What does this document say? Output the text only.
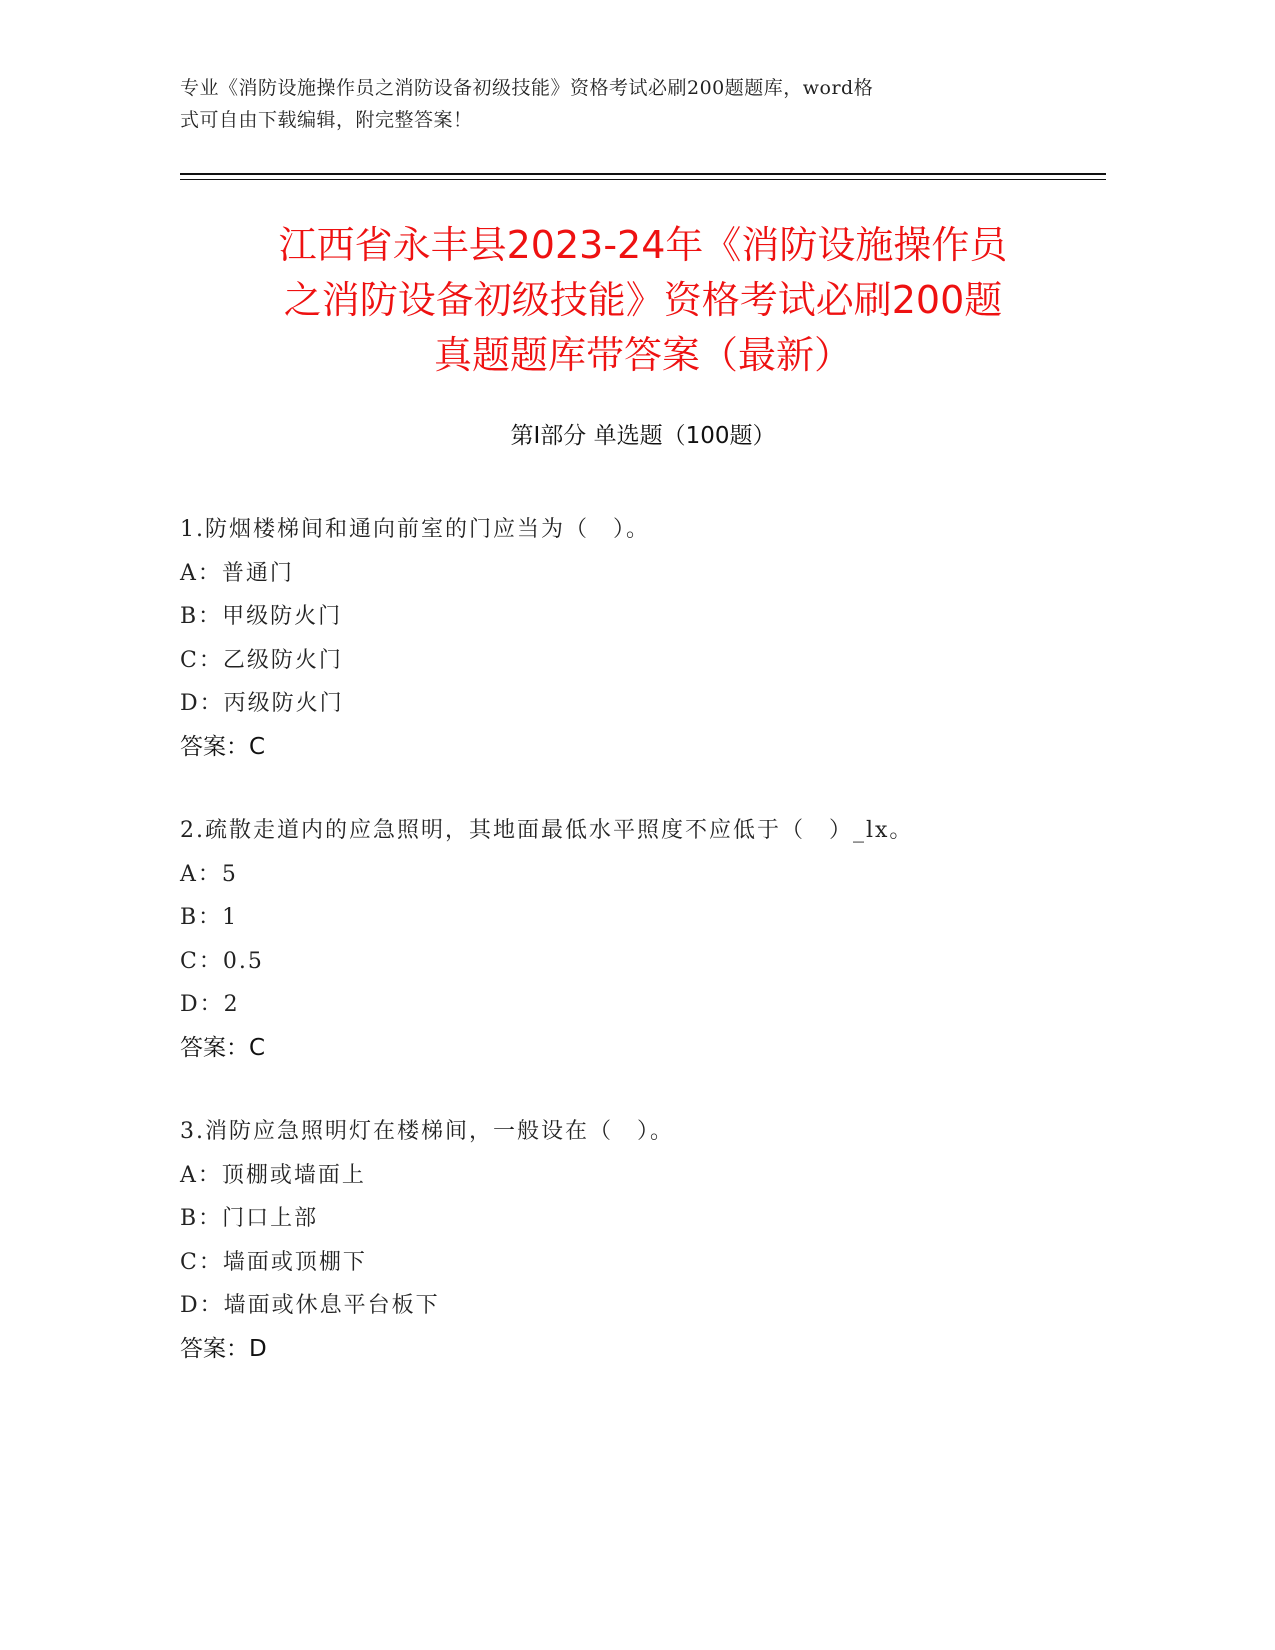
专业《消防设施操作员之消防设备初级技能》资格考试必刷200题题库，word格
式可自由下载编辑，附完整答案！
江西省永丰县2023-24年《消防设施操作员
之消防设备初级技能》资格考试必刷200题
真题题库带答案（最新）
第Ⅰ部分 单选题（100题）
1.防烟楼梯间和通向前室的门应当为（　）。
A：普通门
B：甲级防火门
C：乙级防火门
D：丙级防火门
答案：C
2.疏散走道内的应急照明，其地面最低水平照度不应低于（　）_lx。
A：5
B：1
C：0.5
D：2
答案：C
3.消防应急照明灯在楼梯间，一般设在（　）。
A：顶棚或墙面上
B：门口上部
C：墙面或顶棚下
D：墙面或休息平台板下
答案：D
